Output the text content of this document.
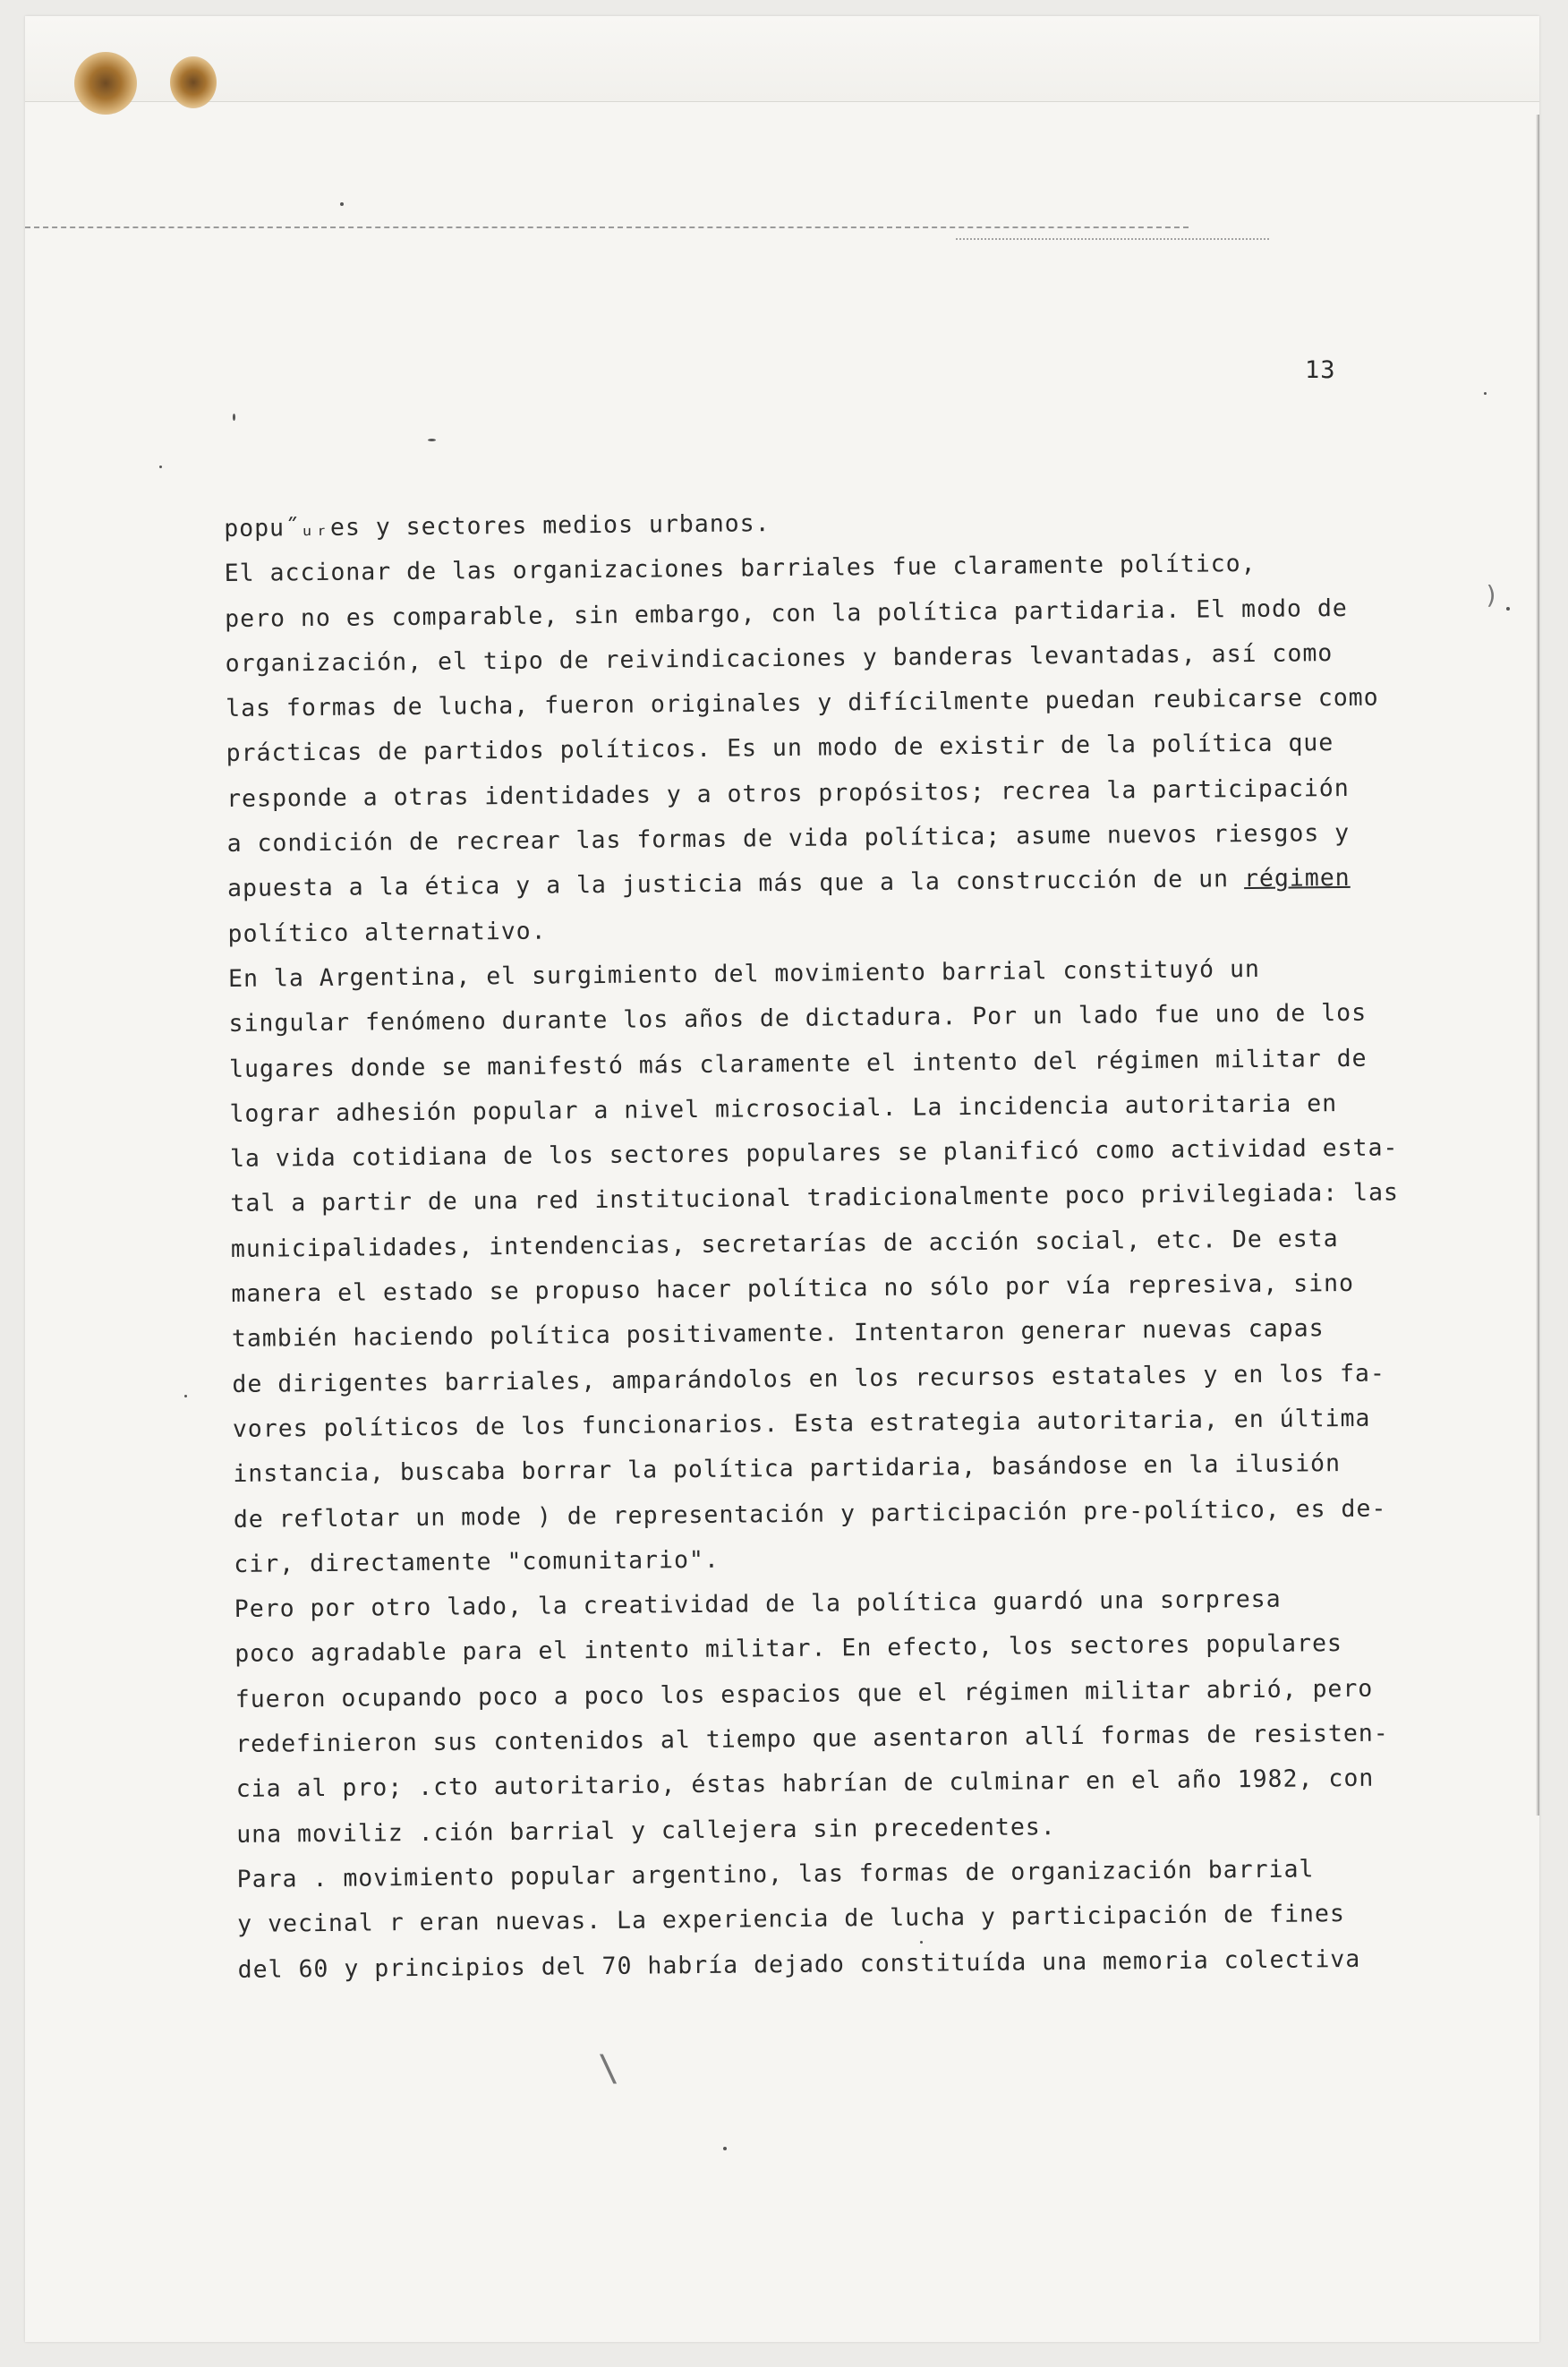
)
\
13
popu˝ᵤᵣes y sectores medios urbanos.
El accionar de las organizaciones barriales fue claramente político,
pero no es comparable, sin embargo, con la política partidaria. El modo de
organización, el tipo de reivindicaciones y banderas levantadas, así como
las formas de lucha, fueron originales y difícilmente puedan reubicarse como
prácticas de partidos políticos. Es un modo de existir de la política que
responde a otras identidades y a otros propósitos; recrea la participación
a condición de recrear las formas de vida política; asume nuevos riesgos y
apuesta a la ética y a la justicia más que a la construcción de un régimen
político alternativo.
En la Argentina, el surgimiento del movimiento barrial constituyó un
singular fenómeno durante los años de dictadura. Por un lado fue uno de los
lugares donde se manifestó más claramente el intento del régimen militar de
lograr adhesión popular a nivel microsocial. La incidencia autoritaria en
la vida cotidiana de los sectores populares se planificó como actividad esta-
tal a partir de una red institucional tradicionalmente poco privilegiada: las
municipalidades, intendencias, secretarías de acción social, etc. De esta
manera el estado se propuso hacer política no sólo por vía represiva, sino
también haciendo política positivamente. Intentaron generar nuevas capas
de dirigentes barriales, amparándolos en los recursos estatales y en los fa-
vores políticos de los funcionarios. Esta estrategia autoritaria, en última
instancia, buscaba borrar la política partidaria, basándose en la ilusión
de reflotar un mode ) de representación y participación pre-político, es de-
cir, directamente "comunitario".
Pero por otro lado, la creatividad de la política guardó una sorpresa
poco agradable para el intento militar. En efecto, los sectores populares
fueron ocupando poco a poco los espacios que el régimen militar abrió, pero
redefinieron sus contenidos al tiempo que asentaron allí formas de resisten-
cia al pro; .cto autoritario, éstas habrían de culminar en el año 1982, con
una moviliz .ción barrial y callejera sin precedentes.
Para . movimiento popular argentino, las formas de organización barrial
y vecinal r eran nuevas. La experiencia de lucha y participación de fines
del 60 y principios del 70 habría dejado constituída una memoria colectiva
